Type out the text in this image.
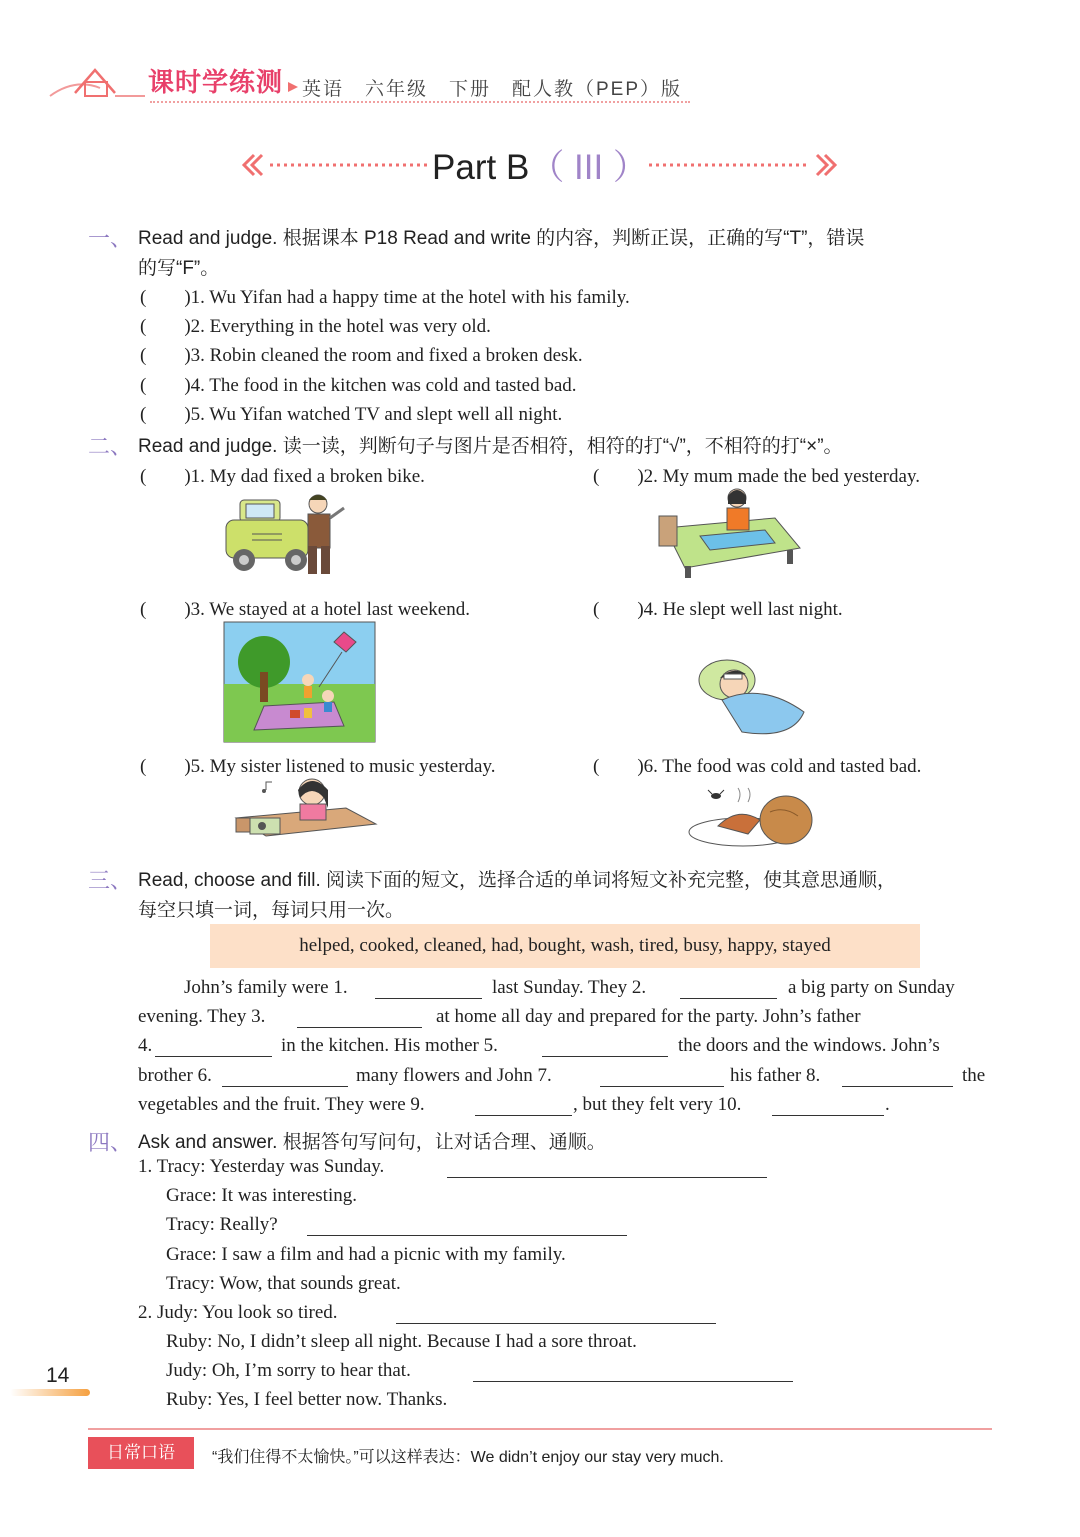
课时学练测 英语　六年级　下册　配人教（PEP）版
Part B（ III ）
一、 Read and judge. 根据课本 P18 Read and write 的内容，判断正误，正确的写“T”，错误
的写“F”。
(　　)1. Wu Yifan had a happy time at the hotel with his family.
(　　)2. Everything in the hotel was very old.
(　　)3. Robin cleaned the room and fixed a broken desk.
(　　)4. The food in the kitchen was cold and tasted bad.
(　　)5. Wu Yifan watched TV and slept well all night.
二、 Read and judge. 读一读，判断句子与图片是否相符，相符的打“√”，不相符的打“×”。
(　　)1. My dad fixed a broken bike.	(　　)2. My mum made the bed yesterday.
(　　)3. We stayed at a hotel last weekend.	(　　)4. He slept well last night.
(　　)5. My sister listened to music yesterday.	(　　)6. The food was cold and tasted bad.
三、 Read, choose and fill. 阅读下面的短文，选择合适的单词将短文补充完整，使其意思通顺，
每空只填一词，每词只用一次。
helped, cooked, cleaned, had, bought, wash, tired, busy, happy, stayed
John’s family were 1.	last Sunday. They 2.	a big party on Sunday
evening. They 3.	at home all day and prepared for the party. John’s father
4.	in the kitchen. His mother 5.	the doors and the windows. John’s
brother 6.	many flowers and John 7.	his father 8.	the
vegetables and the fruit. They were 9.	, but they felt very 10.	.
四、 Ask and answer. 根据答句写问句，让对话合理、通顺。
1. Tracy: Yesterday was Sunday.
Grace: It was interesting.
Tracy: Really?
Grace: I saw a film and had a picnic with my family.
Tracy: Wow, that sounds great.
2. Judy: You look so tired.
Ruby: No, I didn’t sleep all night. Because I had a sore throat.
Judy: Oh, I’m sorry to hear that.
Ruby: Yes, I feel better now. Thanks.
14
日常口语	“我们住得不太愉快。”可以这样表达：We didn’t enjoy our stay very much.
